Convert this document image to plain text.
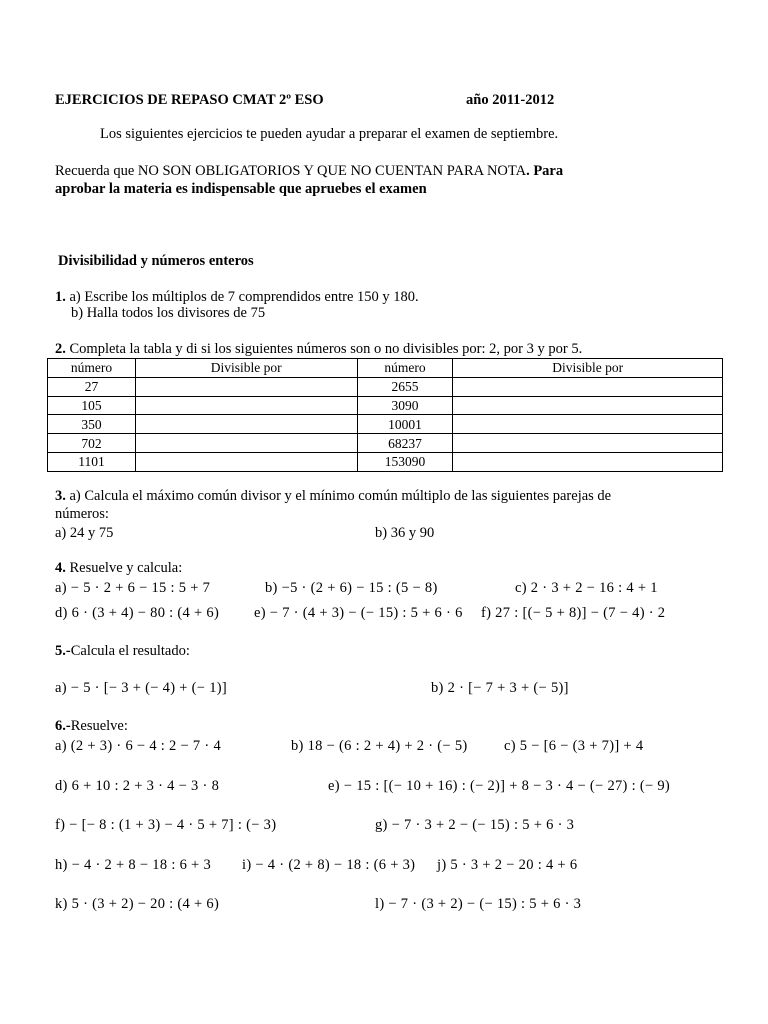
EJERCICIOS DE REPASO CMAT 2º ESO	año 2011-2012
Los siguientes ejercicios te pueden ayudar a preparar el examen de septiembre.
Recuerda que NO SON OBLIGATORIOS Y QUE NO CUENTAN PARA NOTA. Para
aprobar la materia es indispensable que apruebes el examen
Divisibilidad y números enteros
1. a) Escribe los múltiplos de 7 comprendidos entre 150 y 180.
b) Halla todos los divisores de 75
2. Completa la tabla y di si los siguientes números son o no divisibles por: 2, por 3 y por 5.
número	Divisible por	número	Divisible por
27		2655	
105		3090	
350		10001	
702		68237	
1101		153090	
3. a) Calcula el máximo común divisor y el mínimo común múltiplo de las siguientes parejas de
números:
a) 24 y 75	b) 36 y 90
4. Resuelve y calcula:
a) − 5 · 2 + 6 − 15 : 5 + 7	b) −5 · (2 + 6) − 15 : (5 − 8)	c) 2 · 3 + 2 − 16 : 4 + 1
d) 6 · (3 + 4) − 80 : (4 + 6) e) − 7 · (4 + 3) − (− 15) : 5 + 6 · 6 f) 27 : [(− 5 + 8)] − (7 − 4) · 2
5.-Calcula el resultado:
a) − 5 · [− 3 + (− 4) + (− 1)]	b) 2 · [− 7 + 3 + (− 5)]
6.-Resuelve:
a) (2 + 3) · 6 − 4 : 2 − 7 · 4	b) 18 − (6 : 2 + 4) + 2 · (− 5)	c) 5 − [6 − (3 + 7)] + 4
d) 6 + 10 : 2 + 3 · 4 − 3 · 8	e) − 15 : [(− 10 + 16) : (− 2)] + 8 − 3 · 4 − (− 27) : (− 9)
f) − [− 8 : (1 + 3) − 4 · 5 + 7] : (− 3)	g) − 7 · 3 + 2 − (− 15) : 5 + 6 · 3
h) − 4 · 2 + 8 − 18 : 6 + 3 i) − 4 · (2 + 8) − 18 : (6 + 3) j) 5 · 3 + 2 − 20 : 4 + 6
k) 5 · (3 + 2) − 20 : (4 + 6)	l) − 7 · (3 + 2) − (− 15) : 5 + 6 · 3
